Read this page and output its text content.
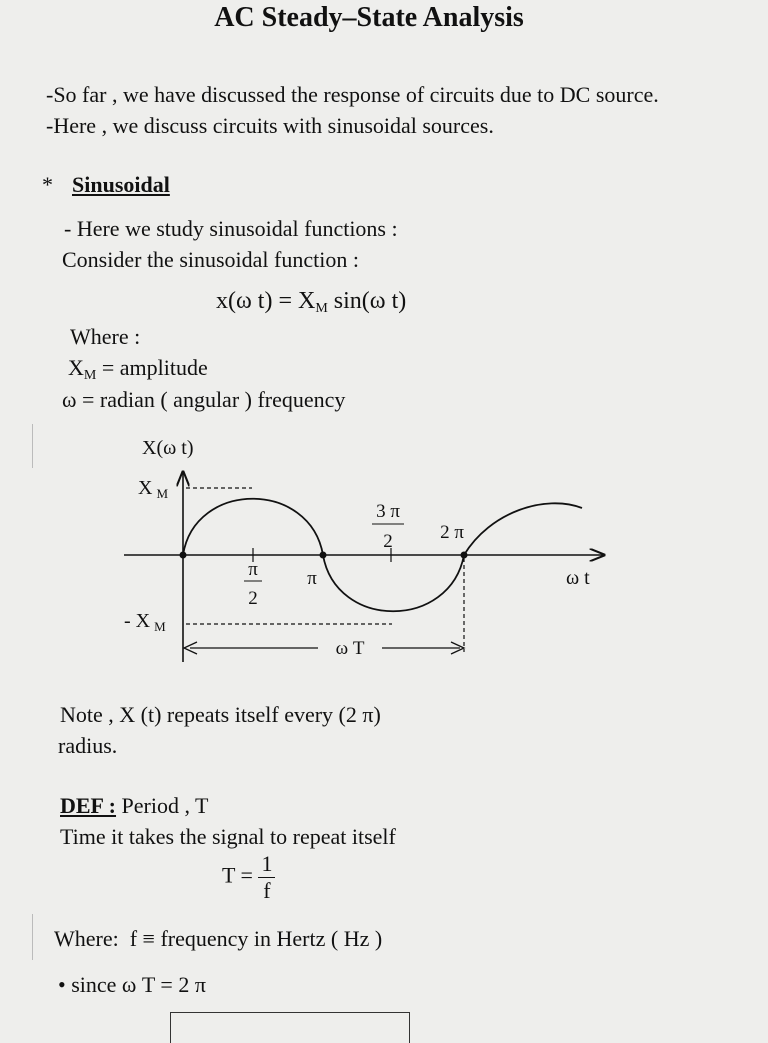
AC Steady–State Analysis
-So far , we have discussed the response of circuits due to DC source.
-Here , we discuss circuits with sinusoidal sources.
* Sinusoidal
- Here we study sinusoidal functions :
Consider the sinusoidal function :
x(ω $t) = X_M$ sin(ω t)
Where :
$X_M$ = amplitude
ω = radian ( angular ) frequency
X(ω t)
X $_M$
- X $_M$
ω t
π
2
π
3 π
2 2 π
ω T
Note , X (t) repeats itself every (2 π)
radius.
DEF : Period , T
Time it takes the signal to repeat itself
$T = \frac{1}{f}$
Where: f ≡ frequency in Hertz ( Hz )
• since ω T = 2 π
